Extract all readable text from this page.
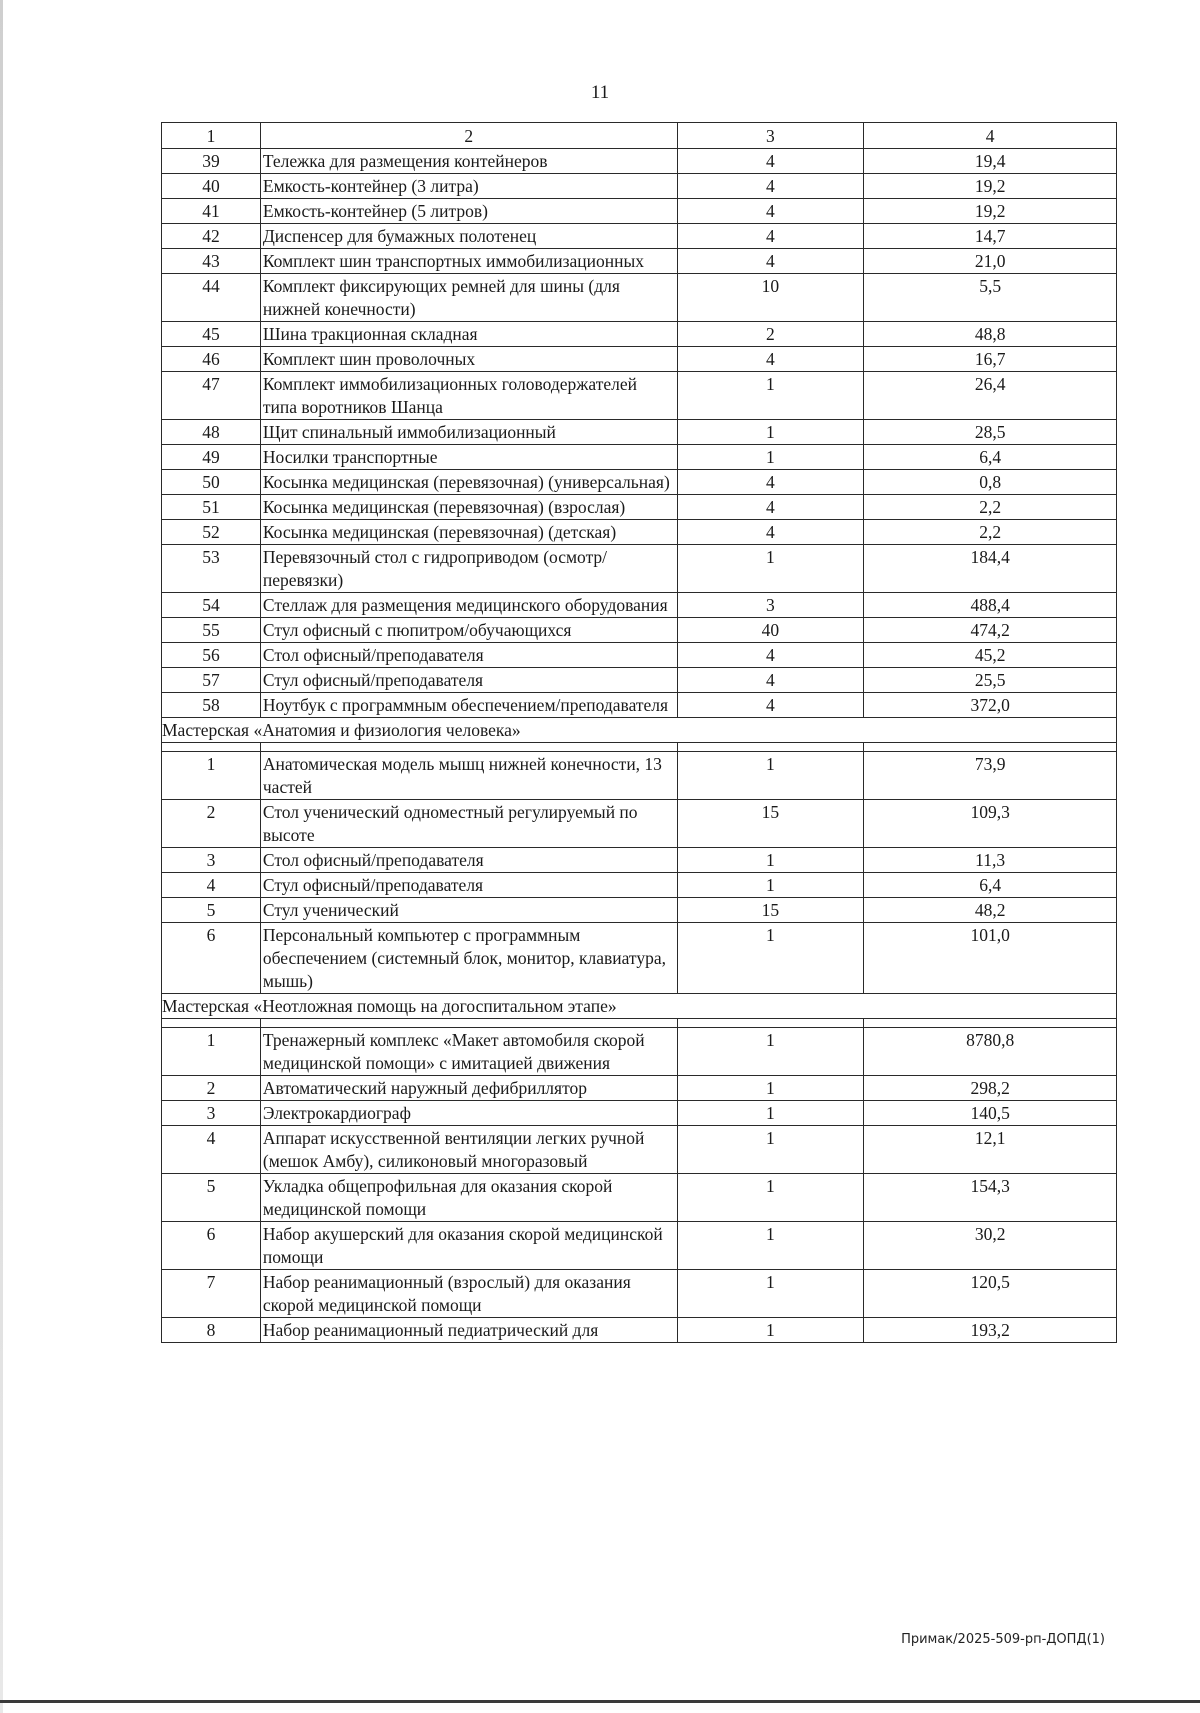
11
1	2	3	4
39	Тележка для размещения контейнеров	4	19,4
40	Емкость-контейнер (3 литра)	4	19,2
41	Емкость-контейнер (5 литров)	4	19,2
42	Диспенсер для бумажных полотенец	4	14,7
43	Комплект шин транспортных иммобилизационных	4	21,0
44	Комплект фиксирующих ремней для шины (для нижней конечности)	10	5,5
45	Шина тракционная складная	2	48,8
46	Комплект шин проволочных	4	16,7
47	Комплект иммобилизационных головодержателей типа воротников Шанца	1	26,4
48	Щит спинальный иммобилизационный	1	28,5
49	Носилки транспортные	1	6,4
50	Косынка медицинская (перевязочная) (универсальная)	4	0,8
51	Косынка медицинская (перевязочная) (взрослая)	4	2,2
52	Косынка медицинская (перевязочная) (детская)	4	2,2
53	Перевязочный стол с гидроприводом (осмотр/перевязки)	1	184,4
54	Стеллаж для размещения медицинского оборудования	3	488,4
55	Стул офисный с пюпитром/обучающихся	40	474,2
56	Стол офисный/преподавателя	4	45,2
57	Стул офисный/преподавателя	4	25,5
58	Ноутбук с программным обеспечением/преподавателя	4	372,0
Мастерская «Анатомия и физиология человека»			

1	Анатомическая модель мышц нижней конечности, 13 частей	1	73,9
2	Стол ученический одноместный регулируемый по высоте	15	109,3
3	Стол офисный/преподавателя	1	11,3
4	Стул офисный/преподавателя	1	6,4
5	Стул ученический	15	48,2
6	Персональный компьютер с программным обеспечением (системный блок, монитор, клавиатура, мышь)	1	101,0
Мастерская «Неотложная помощь на догоспитальном этапе»			

1	Тренажерный комплекс «Макет автомобиля скорой медицинской помощи» с имитацией движения	1	8780,8
2	Автоматический наружный дефибриллятор	1	298,2
3	Электрокардиограф	1	140,5
4	Аппарат искусственной вентиляции легких ручной (мешок Амбу), силиконовый многоразовый	1	12,1
5	Укладка общепрофильная для оказания скорой медицинской помощи	1	154,3
6	Набор акушерский для оказания скорой медицинской помощи	1	30,2
7	Набор реанимационный (взрослый) для оказания скорой медицинской помощи	1	120,5
8	Набор реанимационный педиатрический для	1	193,2
Примак/2025-509-рп-ДОПД(1)
